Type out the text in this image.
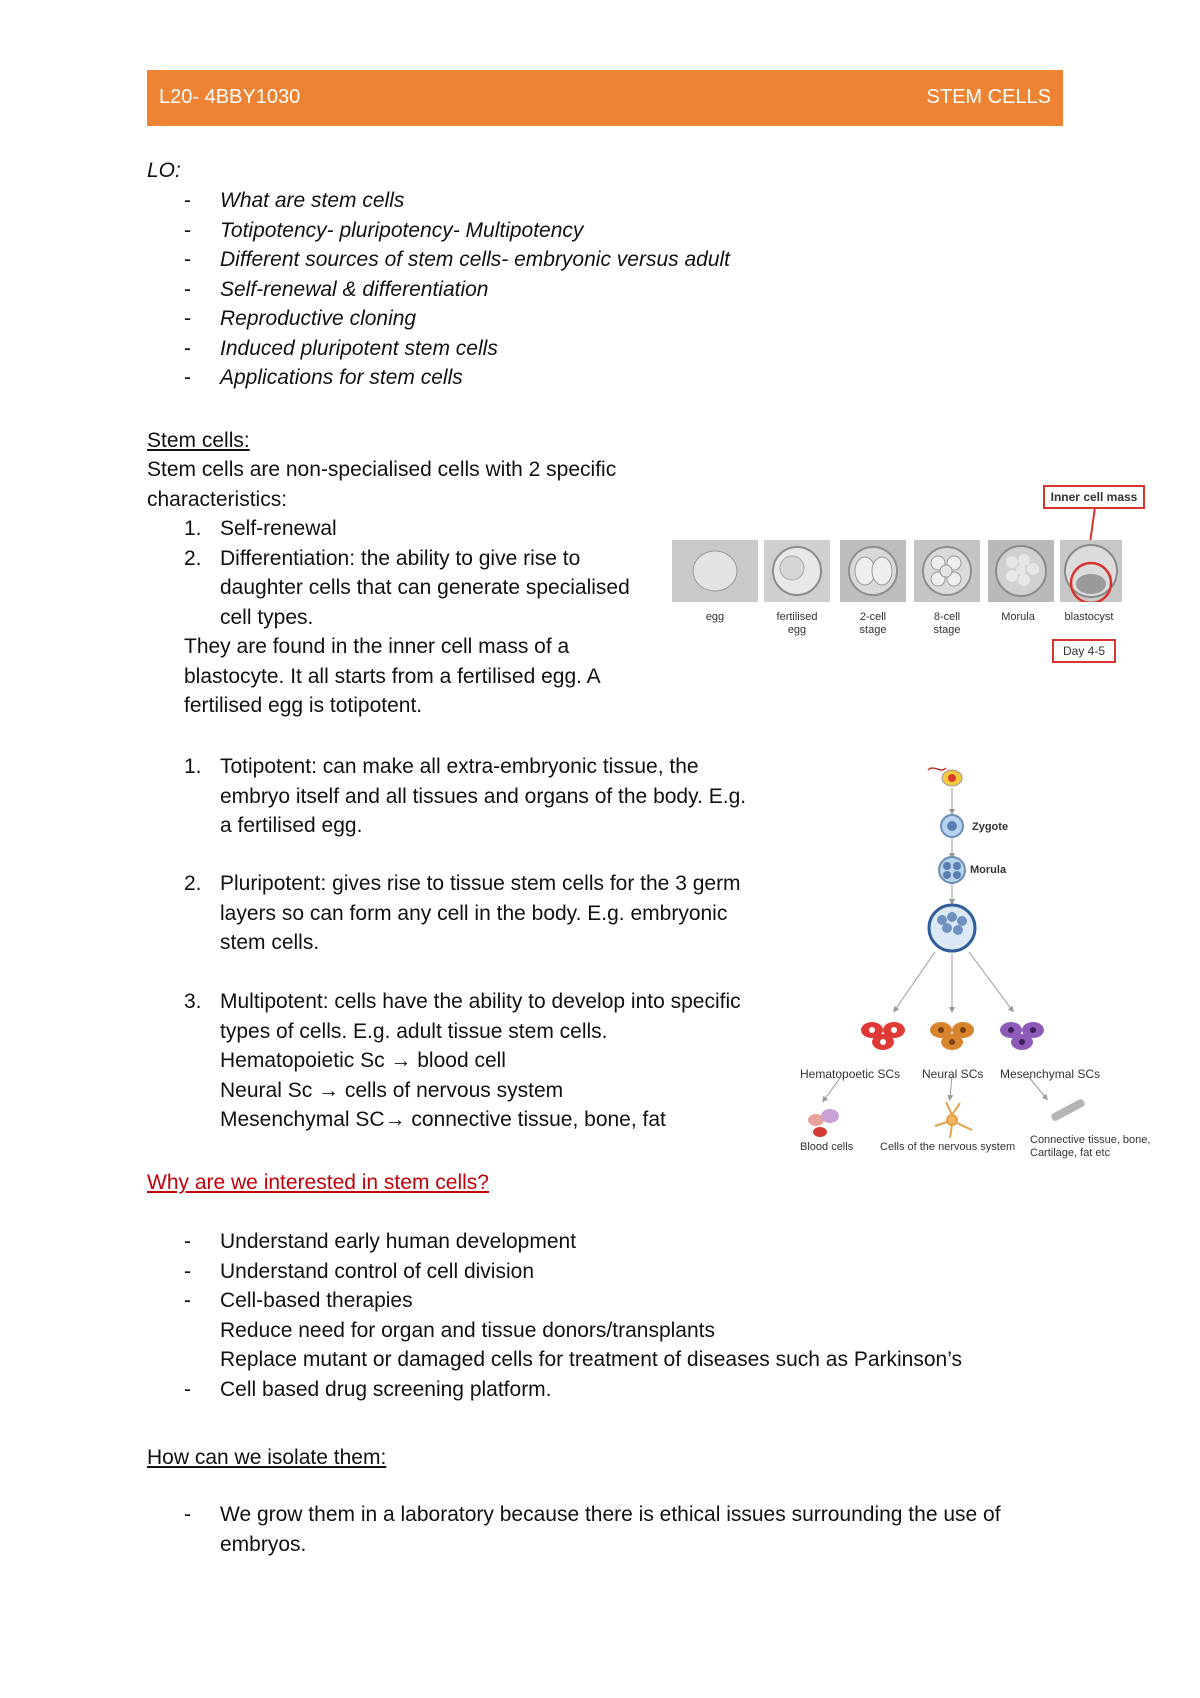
L20- 4BBY1030	STEM CELLS
LO:
- What are stem cells
- Totipotency- pluripotency- Multipotency
- Different sources of stem cells- embryonic versus adult
- Self-renewal & differentiation
- Reproductive cloning
- Induced pluripotent stem cells
- Applications for stem cells
Stem cells:
Stem cells are non-specialised cells with 2 specific
characteristics:
1. Self-renewal
2. Differentiation: the ability to give rise to
daughter cells that can generate specialised
cell types.
They are found in the inner cell mass of a
blastocyte. It all starts from a fertilised egg. A
fertilised egg is totipotent.
1. Totipotent: can make all extra-embryonic tissue, the
embryo itself and all tissues and organs of the body. E.g.
a fertilised egg.
2. Pluripotent: gives rise to tissue stem cells for the 3 germ
layers so can form any cell in the body. E.g. embryonic
stem cells.
3. Multipotent: cells have the ability to develop into specific
types of cells. E.g. adult tissue stem cells.
Hematopoietic Sc → blood cell
Neural Sc → cells of nervous system
Mesenchymal SC→ connective tissue, bone, fat
Why are we interested in stem cells?
- Understand early human development
- Understand control of cell division
- Cell-based therapies
Reduce need for organ and tissue donors/transplants
Replace mutant or damaged cells for treatment of diseases such as Parkinson’s
- Cell based drug screening platform.
How can we isolate them:
- We grow them in a laboratory because there is ethical issues surrounding the use of
embryos.
Inner cell mass
egg	fertilised
egg
2-cell
stage
8-cell
stage
Morula	blastocyst
Day 4-5
Zygote
Morula
Hematopoetic SCs Neural SCs Mesenchymal SCs
Blood cells Cells of the nervous system
Connective tissue, bone,
Cartilage, fat etc
